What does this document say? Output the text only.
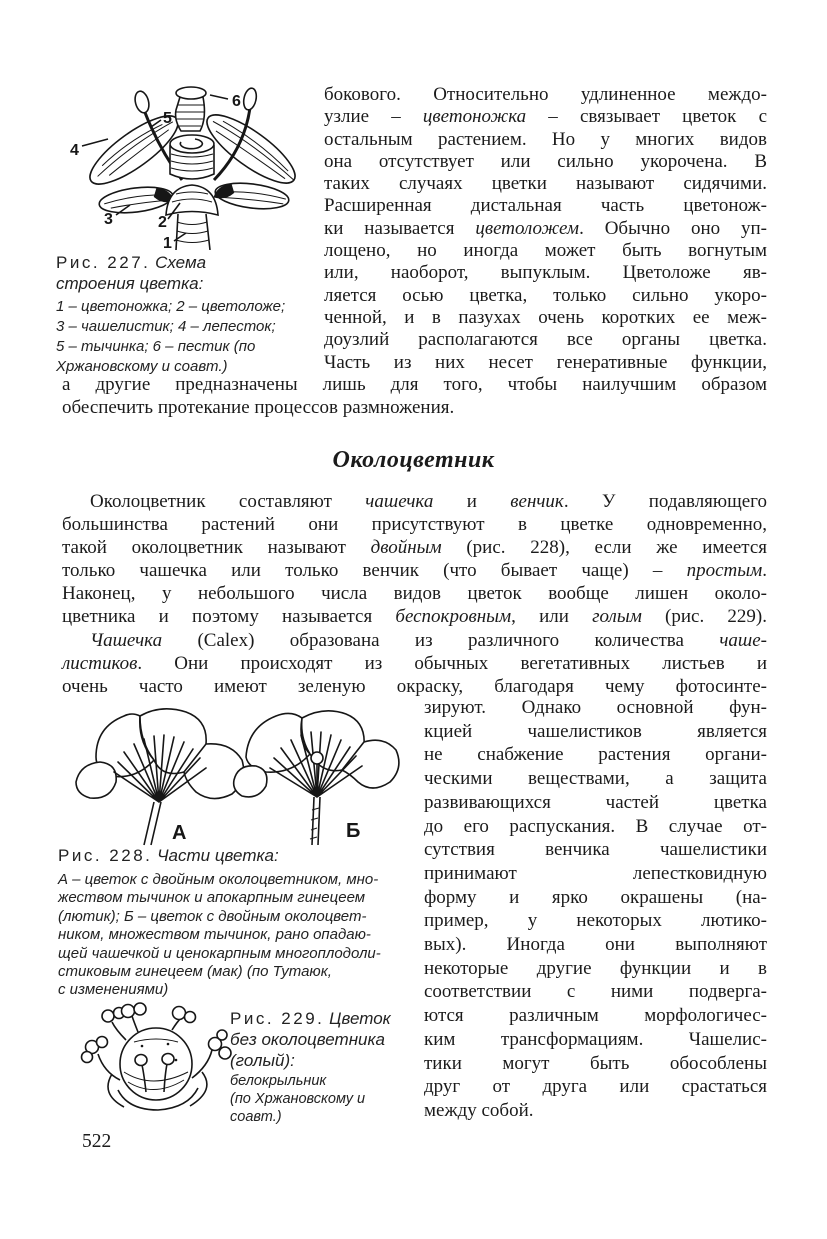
4
5
6
3	2
1
Рис. 227. Схема
строения цветка:
1 – цветоножка; 2 – цветоложе;
3 – чашелистик; 4 – лепесток;
5 – тычинка; 6 – пестик (по
Хржановскому и соавт.)
бокового. Относительно удлиненное междо-
узлие – цветоножка – связывает цветок с
остальным растением. Но у многих видов
она отсутствует или сильно укорочена. В
таких случаях цветки называют сидячими.
Расширенная дистальная часть цветонож-
ки называется цветоложем. Обычно оно уп-
лощено, но иногда может быть вогнутым
или, наоборот, выпуклым. Цветоложе яв-
ляется осью цветка, только сильно укоро-
ченной, и в пазухах очень коротких ее меж-
доузлий располагаются все органы цветка.
Часть из них несет генеративные функции,
а другие предназначены лишь для того, чтобы наилучшим образом
обеспечить протекание процессов размножения.
Околоцветник
Околоцветник составляют чашечка и венчик. У подавляющего
большинства растений они присутствуют в цветке одновременно,
такой околоцветник называют двойным (рис. 228), если же имеется
только чашечка или только венчик (что бывает чаще) – простым.
Наконец, у небольшого числа видов цветок вообще лишен около-
цветника и поэтому называется беспокровным, или голым (рис. 229).
Чашечка (Calex) образована из различного количества чаше-
листиков. Они происходят из обычных вегетативных листьев и
очень часто имеют зеленую окраску, благодаря чему фотосинте-
зируют. Однако основной фун-
кцией чашелистиков является
не снабжение растения органи-
ческими веществами, а защита
развивающихся частей цветка
до его распускания. В случае от-
сутствия венчика чашелистики
принимают лепестковидную
форму и ярко окрашены (на-
пример, у некоторых лютико-
вых). Иногда они выполняют
некоторые другие функции и в
соответствии с ними подверга-
ются различным морфологичес-
ким трансформациям. Чашелис-
тики могут быть обособлены
друг от друга или срастаться
между собой.
А	Б
Рис. 228. Части цветка:
А – цветок с двойным околоцветником, мно-
жеством тычинок и апокарпным гинецеем
(лютик); Б – цветок с двойным околоцвет-
ником, множеством тычинок, рано опадаю-
щей чашечкой и ценокарпным многоплодоли-
стиковым гинецеем (мак) (по Тутаюк,
с изменениями)
Рис. 229. Цветок
без околоцветника
(голый):
белокрыльник
(по Хржановскому и
соавт.)
522
